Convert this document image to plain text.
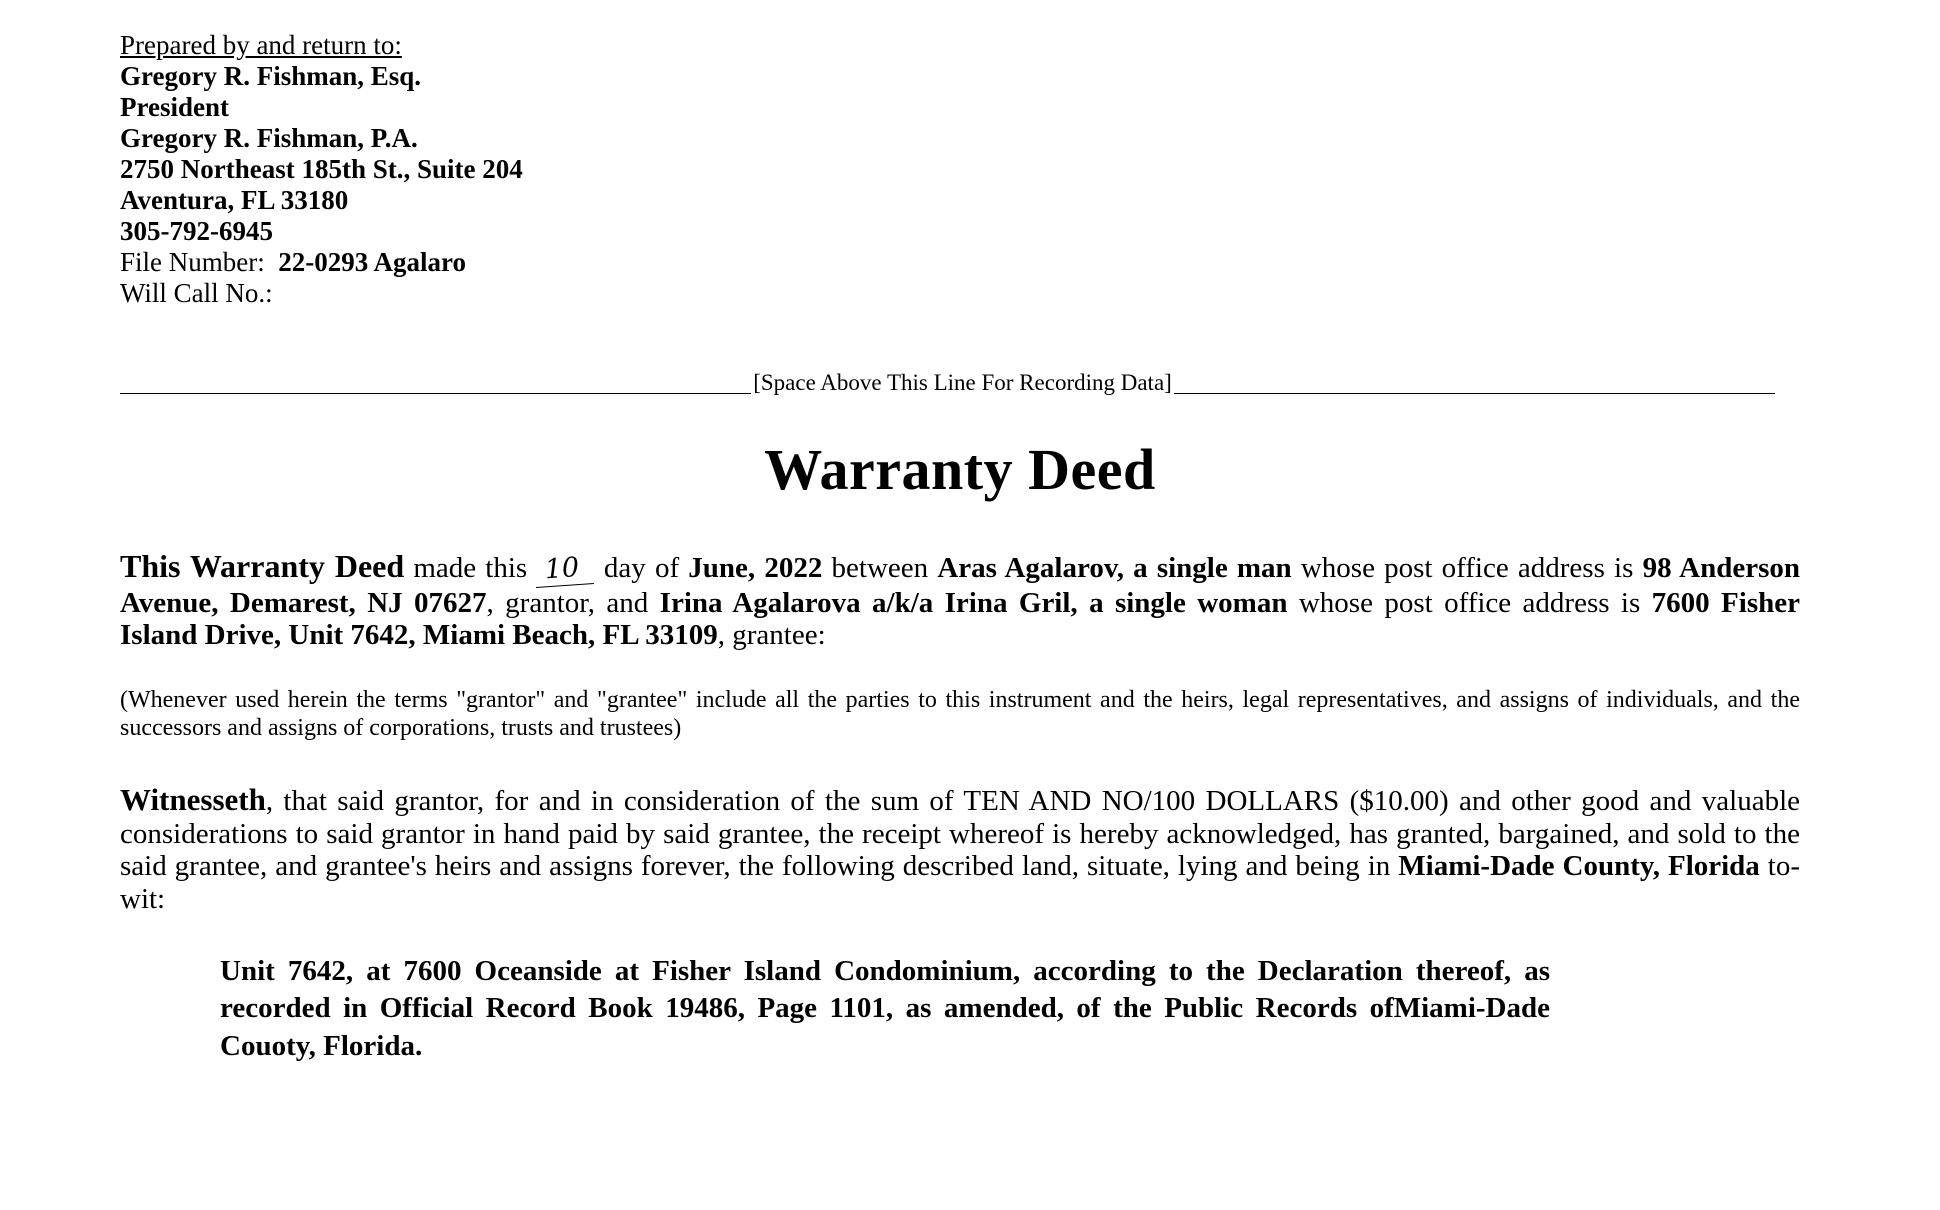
Prepared by and return to:
Gregory R. Fishman, Esq.
President
Gregory R. Fishman, P.A.
2750 Northeast 185th St., Suite 204
Aventura, FL 33180
305-792-6945
File Number: 22-0293 Agalaro
Will Call No.:
[Space Above This Line For Recording Data]
Warranty Deed
This Warranty Deed made this 10 day of June, 2022 between Aras Agalarov, a single man whose post office address is 98 Anderson Avenue, Demarest, NJ 07627, grantor, and Irina Agalarova a/k/a Irina Gril, a single woman whose post office address is 7600 Fisher Island Drive, Unit 7642, Miami Beach, FL 33109, grantee:
(Whenever used herein the terms "grantor" and "grantee" include all the parties to this instrument and the heirs, legal representatives, and assigns of individuals, and the successors and assigns of corporations, trusts and trustees)
Witnesseth, that said grantor, for and in consideration of the sum of TEN AND NO/100 DOLLARS ($10.00) and other good and valuable considerations to said grantor in hand paid by said grantee, the receipt whereof is hereby acknowledged, has granted, bargained, and sold to the said grantee, and grantee's heirs and assigns forever, the following described land, situate, lying and being in Miami-Dade County, Florida to-wit:
Unit 7642, at 7600 Oceanside at Fisher Island Condominium, according to the Declaration thereof, as recorded in Official Record Book 19486, Page 1101, as amended, of the Public Records ofMiami-Dade Couoty, Florida.
